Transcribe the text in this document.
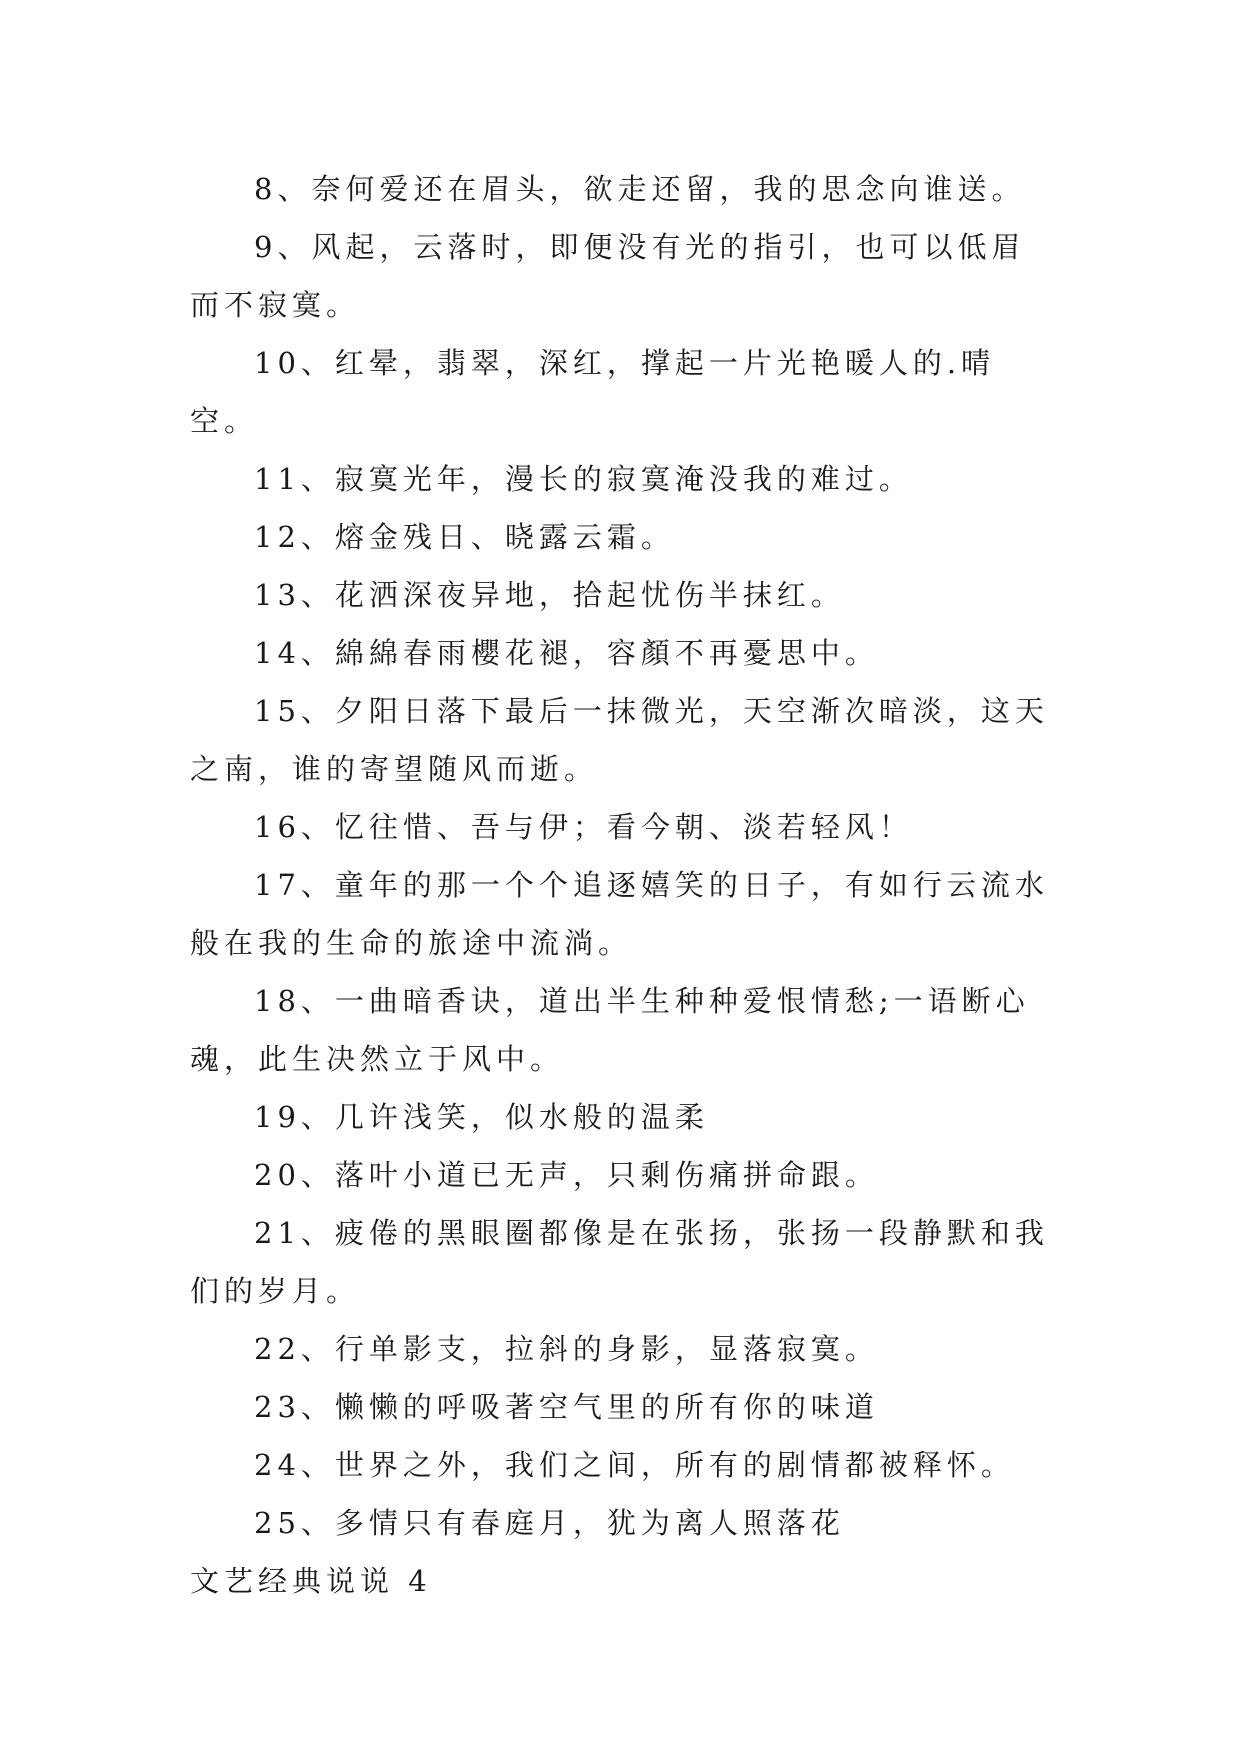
8、奈何爱还在眉头，欲走还留，我的思念向谁送。

9、风起，云落时，即便没有光的指引，也可以低眉而不寂寞。

10、红晕，翡翠，深红，撑起一片光艳暖人的.晴空。

11、寂寞光年，漫长的寂寞淹没我的难过。

12、熔金残日、晓露云霜。

13、花洒深夜异地，拾起忧伤半抹红。

14、綿綿春雨櫻花褪，容顏不再憂思中。

15、夕阳日落下最后一抹微光，天空渐次暗淡，这天之南，谁的寄望随风而逝。

16、忆往惜、吾与伊；看今朝、淡若轻风！

17、童年的那一个个追逐嬉笑的日子，有如行云流水般在我的生命的旅途中流淌。

18、一曲暗香诀，道出半生种种爱恨情愁;一语断心魂，此生决然立于风中。

19、几许浅笑，似水般的温柔

20、落叶小道已无声，只剩伤痛拼命跟。

21、疲倦的黑眼圈都像是在张扬，张扬一段静默和我们的岁月。

22、行单影支，拉斜的身影，显落寂寞。

23、懒懒的呼吸著空气里的所有你的味道

24、世界之外，我们之间，所有的剧情都被释怀。

25、多情只有春庭月，犹为离人照落花

文艺经典说说 4
